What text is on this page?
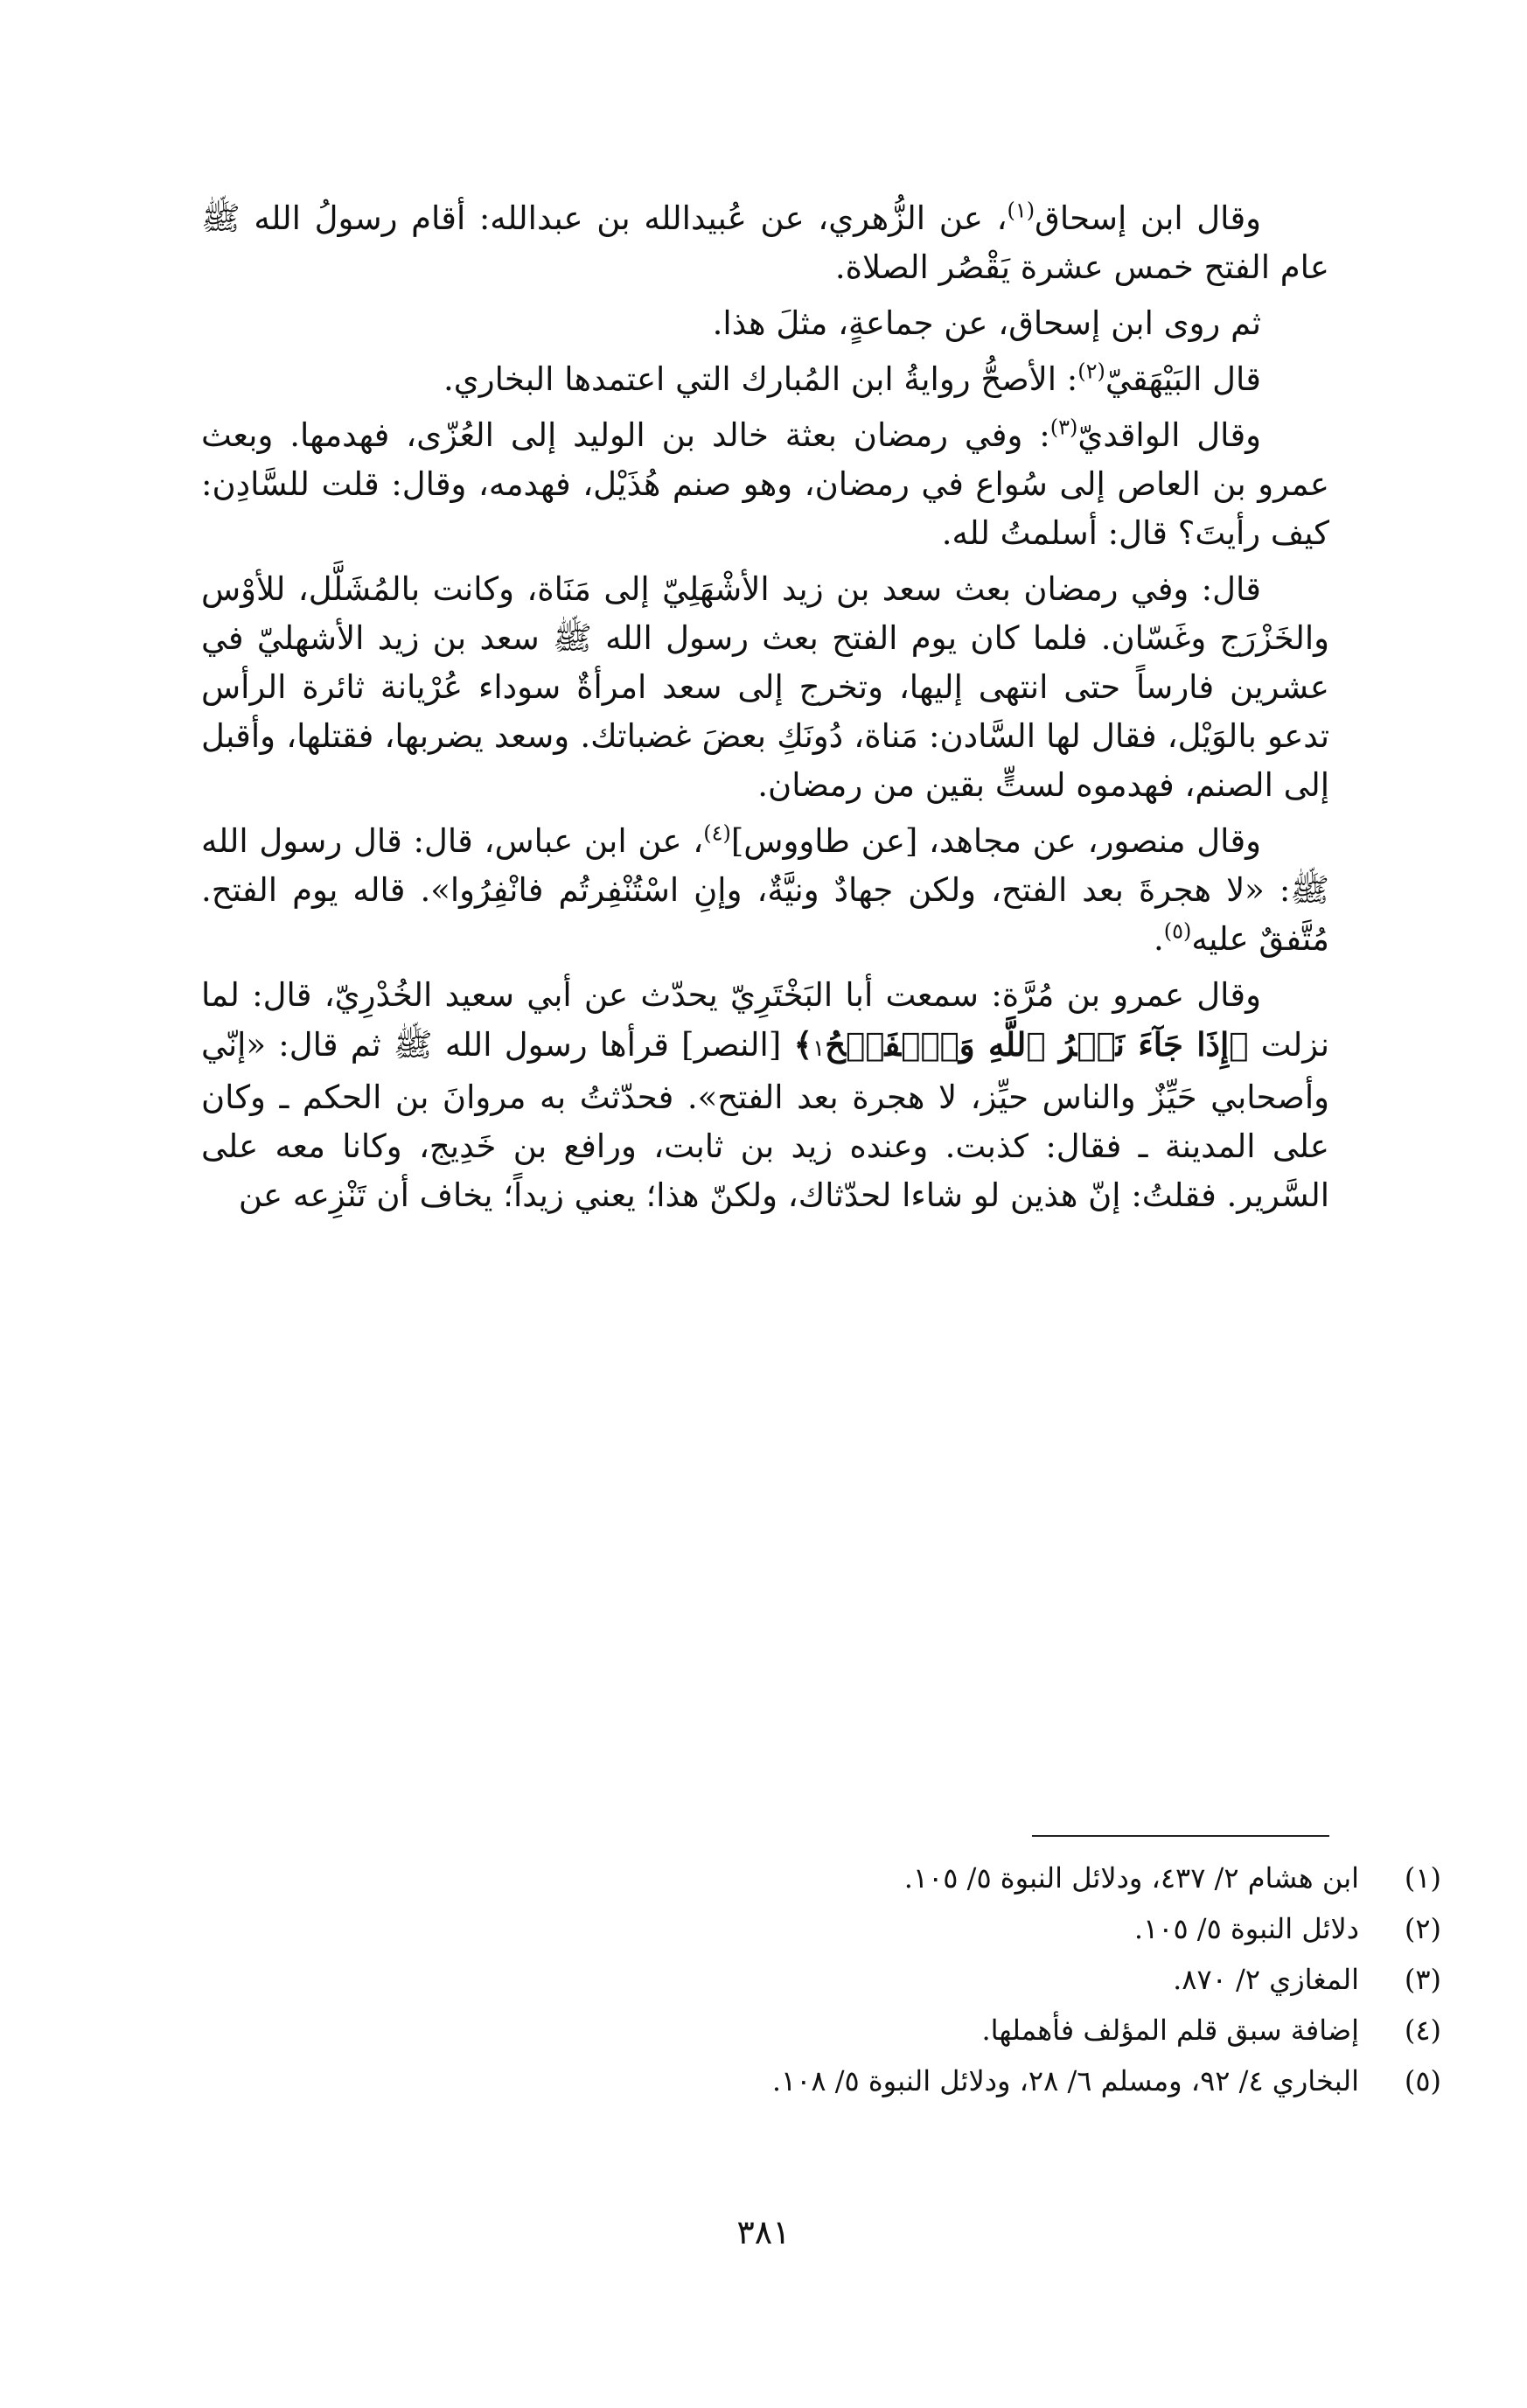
وقال ابن إسحاق$^{(١)}$، عن الزُّهري، عن عُبيدالله بن عبدالله: أقام رسولُ الله ﷺ عام الفتح خمس عشرة يَقْصُر الصلاة.

ثم روى ابن إسحاق، عن جماعةٍ، مثلَ هذا.

قال البَيْهَقيّ$^{(٢)}$: الأصحُّ روايةُ ابن المُبارك التي اعتمدها البخاري.

وقال الواقديّ$^{(٣)}$: وفي رمضان بعثة خالد بن الوليد إلى العُزّى، فهدمها. وبعث عمرو بن العاص إلى سُواع في رمضان، وهو صنم هُذَيْل، فهدمه، وقال: قلت للسَّادِن: كيف رأيتَ؟ قال: أسلمتُ لله.

قال: وفي رمضان بعث سعد بن زيد الأشْهَلِيّ إلى مَنَاة، وكانت بالمُشَلَّل، للأوْس والخَزْرَج وغَسّان. فلما كان يوم الفتح بعث رسول الله ﷺ سعد بن زيد الأشهليّ في عشرين فارساً حتى انتهى إليها، وتخرج إلى سعد امرأةٌ سوداء عُرْيانة ثائرة الرأس تدعو بالوَيْل، فقال لها السَّادن: مَناة، دُونَكِ بعضَ غضباتك. وسعد يضربها، فقتلها، وأقبل إلى الصنم، فهدموه لستٍّ بقين من رمضان.

وقال منصور، عن مجاهد، [عن طاووس]$^{(٤)}$، عن ابن عباس، قال: قال رسول الله ﷺ: «لا هجرةَ بعد الفتح، ولكن جهادٌ ونيَّةٌ، وإنِ اسْتُنْفِرتُم فانْفِرُوا». قاله يوم الفتح. مُتَّفقٌ عليه$^{(٥)}$.

وقال عمرو بن مُرَّة: سمعت أبا البَخْتَرِيّ يحدّث عن أبي سعيد الخُدْرِيّ، قال: لما نزلت ﴿إِذَا جَآءَ نَصۡرُ ٱللَّهِ وَٱلۡفَتۡحُ١﴾ [النصر] قرأها رسول الله ﷺ ثم قال: «إنّي وأصحابي حَيِّزٌ والناس حيِّز، لا هجرة بعد الفتح». فحدّثتُ به مروانَ بن الحكم ـ وكان على المدينة ـ فقال: كذبت. وعنده زيد بن ثابت، ورافع بن خَدِيج، وكانا معه على السَّرير. فقلتُ: إنّ هذين لو شاءا لحدّثاك، ولكنّ هذا؛ يعني زيداً؛ يخاف أن تَنْزِعه عن

(١)
ابن هشام ٢/ ٤٣٧، ودلائل النبوة ٥/ ١٠٥.
(٢)
دلائل النبوة ٥/ ١٠٥.
(٣)
المغازي ٢/ ٨٧٠.
(٤)
إضافة سبق قلم المؤلف فأهملها.
(٥)
البخاري ٤/ ٩٢، ومسلم ٦/ ٢٨، ودلائل النبوة ٥/ ١٠٨.
٣٨١
